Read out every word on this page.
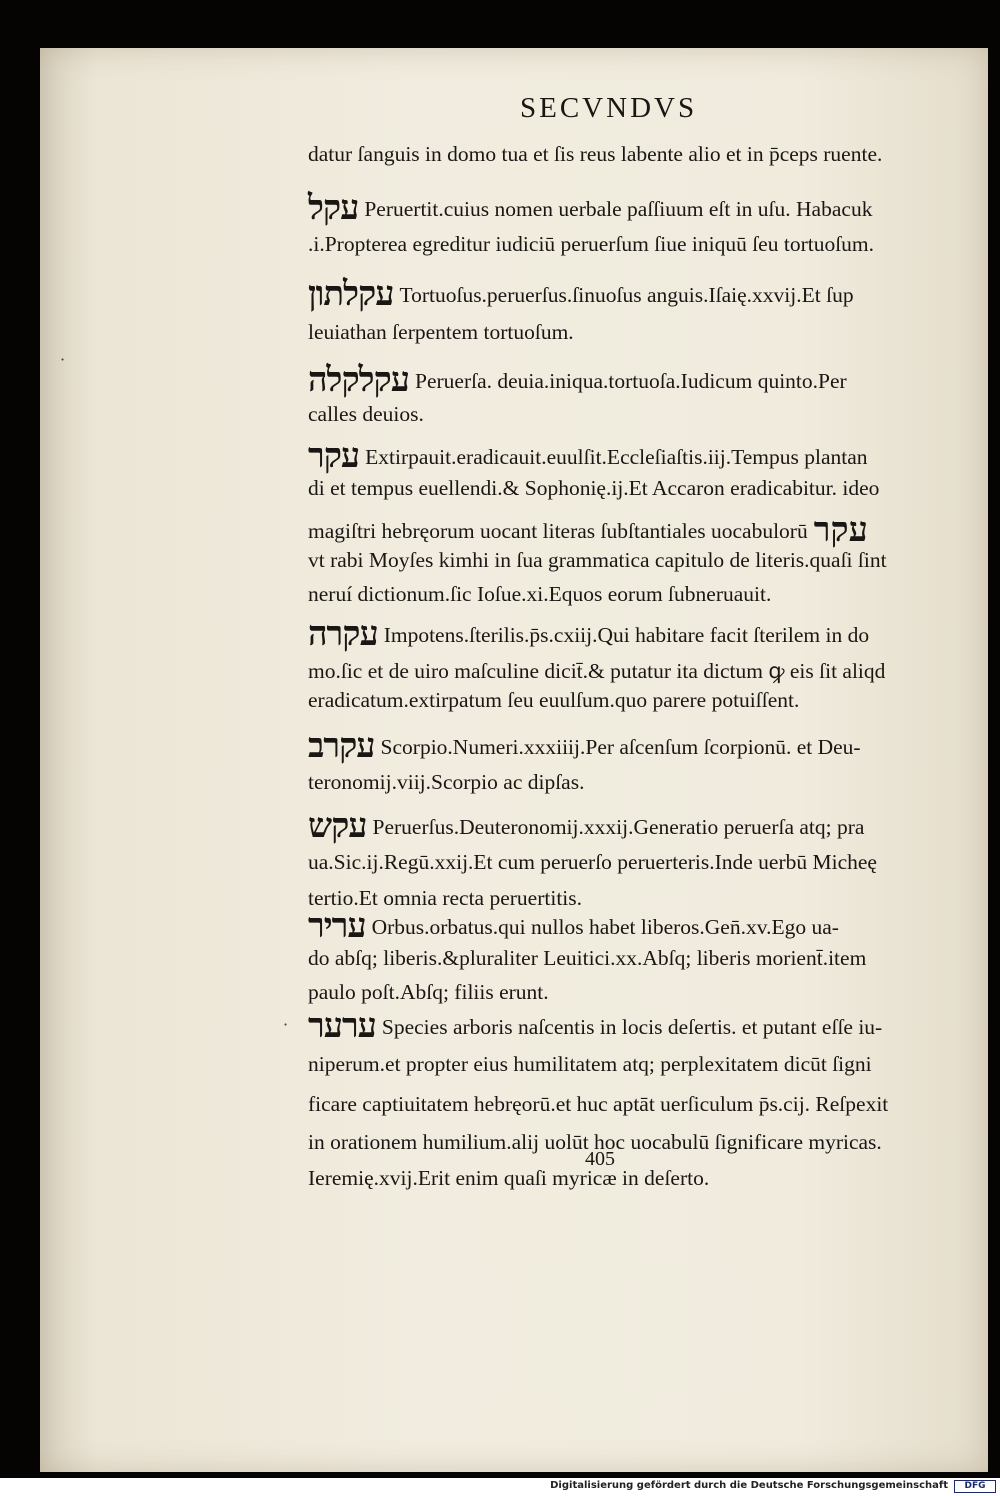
SECVNDVS
datur ſanguis in domo tua et ſis reus labente alio et in p̄ceps ruente.
עקל Peruertit.cuius nomen uerbale paſſiuum eſt in uſu. Habacuk
.i.Propterea egreditur iudiciū peruerſum ſiue iniquū ſeu tortuoſum.
עקלתון Tortuoſus.peruerſus.ſinuoſus anguis.Iſaię.xxvij.Et ſup
leuiathan ſerpentem tortuoſum.
עקלקלה Peruerſa. deuia.iniqua.tortuoſa.Iudicum quinto.Per
calles deuios.
עקר Extirpauit.eradicauit.euulſit.Eccleſiaſtis.iij.Tempus plantan
di et tempus euellendi.& Sophonię.ij.Et Accaron eradicabitur. ideo
magiſtri hebręorum uocant literas ſubſtantiales uocabulorū עקר
vt rabi Moyſes kimhi in ſua grammatica capitulo de literis.quaſi ſint
neruí dictionum.ſic Ioſue.xi.Equos eorum ſubneruauit.
עקרה Impotens.ſterilis.p̄s.cxiij.Qui habitare facit ſterilem in do
mo.ſic et de uiro maſculine dicit̄.& putatur ita dictum ꝙ eis ſit aliqd
eradicatum.extirpatum ſeu euulſum.quo parere potuiſſent.
עקרב Scorpio.Numeri.xxxiiij.Per aſcenſum ſcorpionū. et Deu-
teronomij.viij.Scorpio ac dipſas.
עקש Peruerſus.Deuteronomij.xxxij.Generatio peruerſa atq; pra
ua.Sic.ij.Regū.xxij.Et cum peruerſo peruerteris.Inde uerbū Micheę
tertio.Et omnia recta peruertitis.
עריר Orbus.orbatus.qui nullos habet liberos.Gen̄.xv.Ego ua-
do abſq; liberis.&pluraliter Leuitici.xx.Abſq; liberis morient̄.item
paulo poſt.Abſq; filiis erunt.
ערער Species arboris naſcentis in locis deſertis. et putant eſſe iu-
niperum.et propter eius humilitatem atq; perplexitatem dicūt ſigni
ficare captiuitatem hebręorū.et huc aptāt uerſiculum p̄s.cij. Reſpexit
in orationem humilium.alij uolūt hoc uocabulū ſignificare myricas.
Ieremię.xvij.Erit enim quaſi myricæ in deſerto.
·
·
405
Digitalisierung gefördert durch die Deutsche Forschungsgemeinschaft	DFG
